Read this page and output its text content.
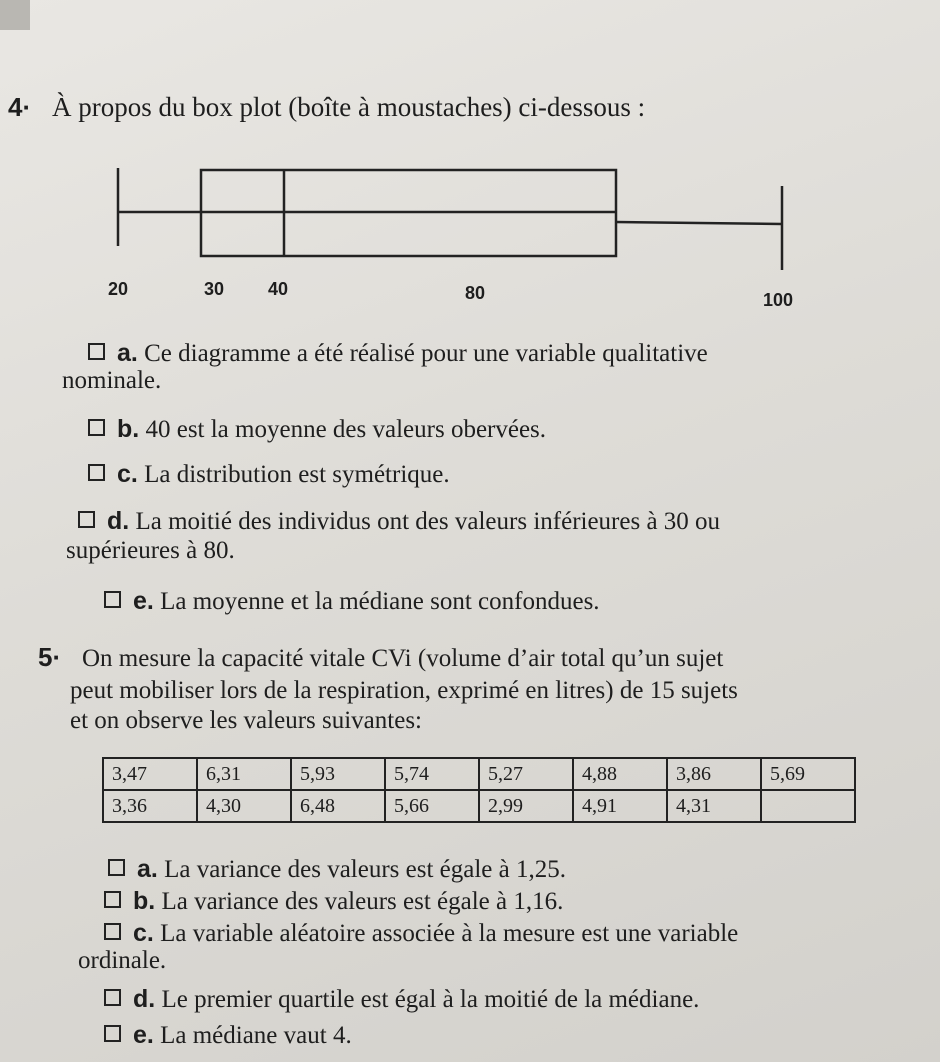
4· À propos du box plot (boîte à moustaches) ci-dessous :
20	30 40	80	100
a. Ce diagramme a été réalisé pour une variable qualitative
nominale.
b. 40 est la moyenne des valeurs obervées.
c. La distribution est symétrique.
d. La moitié des individus ont des valeurs inférieures à 30 ou
supérieures à 80.
e. La moyenne et la médiane sont confondues.
5· On mesure la capacité vitale CVi (volume d’air total qu’un sujet
peut mobiliser lors de la respiration, exprimé en litres) de 15 sujets
et on observe les valeurs suivantes:
3,47	6,31	5,93	5,74	5,27	4,88	3,86	5,69
3,36	4,30	6,48	5,66	2,99	4,91	4,31	
a. La variance des valeurs est égale à 1,25.
b. La variance des valeurs est égale à 1,16.
c. La variable aléatoire associée à la mesure est une variable
ordinale.
d. Le premier quartile est égal à la moitié de la médiane.
e. La médiane vaut 4.
